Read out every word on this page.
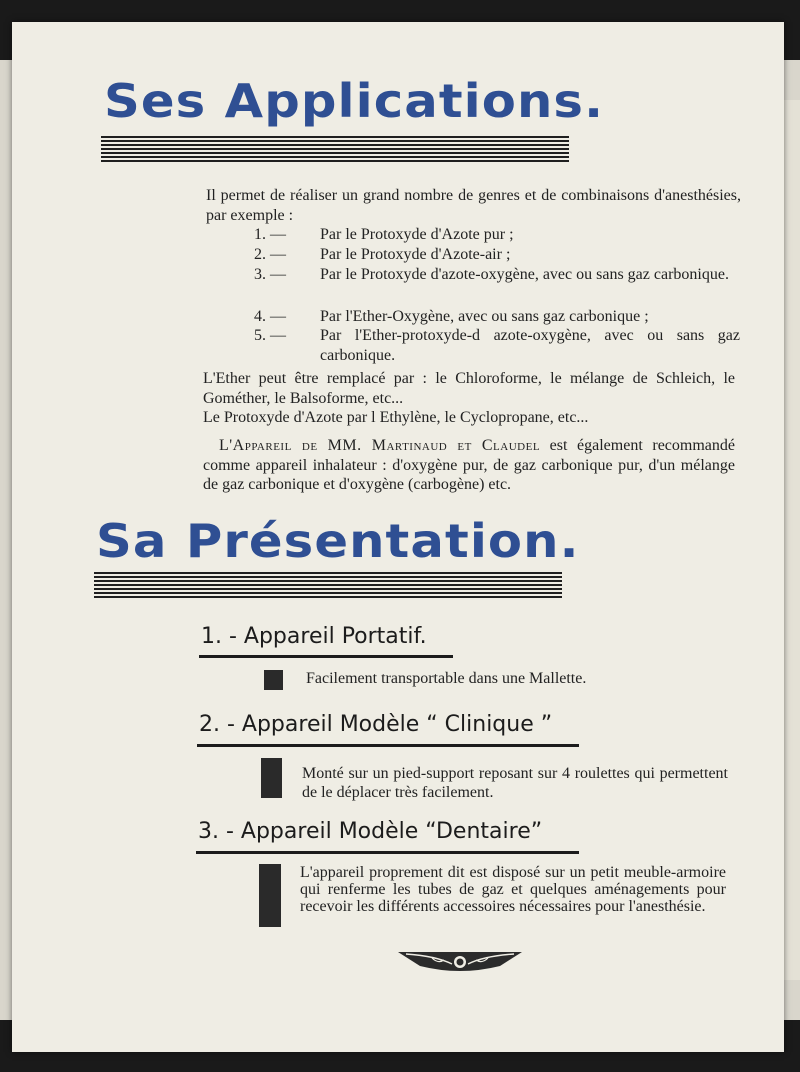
Ses Applications.
Il permet de réaliser un grand nombre de genres et de combinaisons d'anesthésies, par exemple :
1. —	Par le Protoxyde d'Azote pur ;
2. —	Par le Protoxyde d'Azote-air ;
3. —	Par le Protoxyde d'azote-oxygène, avec ou sans gaz carbonique.
4. —	Par l'Ether-Oxygène, avec ou sans gaz carbonique ;
5. —	Par l'Ether-protoxyde-d azote-oxygène, avec ou sans gaz carbonique.
L'Ether peut être remplacé par : le Chloroforme, le mélange de Schleich, le Gométher, le Balsoforme, etc...
Le Protoxyde d'Azote par l Ethylène, le Cyclopropane, etc...
L'Appareil de MM. Martinaud et Claudel est également recommandé comme appareil inhalateur : d'oxygène pur, de gaz carbonique pur, d'un mélange de gaz carbonique et d'oxygène (carbogène) etc.
Sa Présentation.
1. - Appareil Portatif.
Facilement transportable dans une Mallette.
2. - Appareil Modèle “ Clinique ”
Monté sur un pied-support reposant sur 4 roulettes qui permettent de le déplacer très facilement.
3. - Appareil Modèle “Dentaire”
L'appareil proprement dit est disposé sur un petit meuble-armoire qui renferme les tubes de gaz et quelques aménagements pour recevoir les différents accessoires nécessaires pour l'anesthésie.
